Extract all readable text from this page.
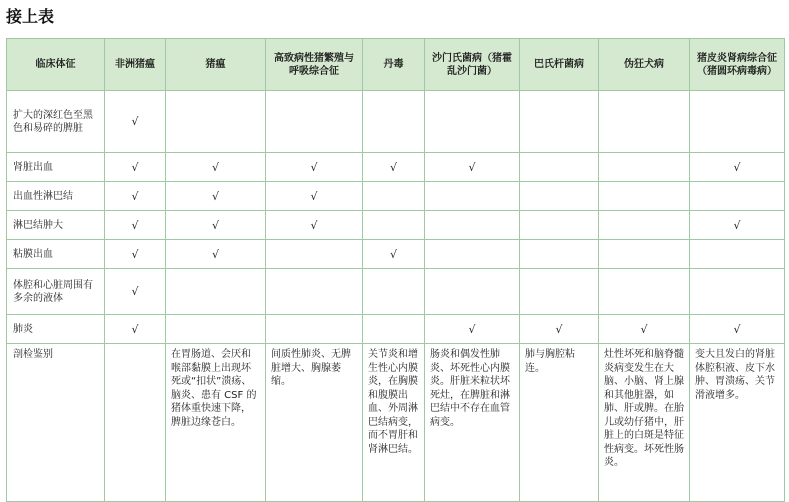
接上表
临床体征	非洲猪瘟	猪瘟	高致病性猪繁殖与呼吸综合征	丹毒	沙门氏菌病（猪霍乱沙门菌）	巴氏杆菌病	伪狂犬病	猪皮炎肾病综合征（猪圆环病毒病）
扩大的深红色至黑色和易碎的脾脏	√							
肾脏出血	√	√	√	√	√			√
出血性淋巴结	√	√	√					
淋巴结肿大	√	√	√					√
粘膜出血	√	√		√				
体腔和心脏周围有多余的液体	√							
肺炎	√				√	√	√	√
剖检鉴别		在胃肠道、会厌和喉部黏膜上出现坏死或“扣状”溃疡、脑炎、患有 CSF 的猪体重快速下降，脾脏边缘苍白。	间质性肺炎、无脾脏增大、胸腺萎缩。	关节炎和增生性心内膜炎，在胸膜和腹膜出血、外周淋巴结病变，而不胃肝和肾淋巴结。	肠炎和偶发性肺炎、坏死性心内膜炎。肝脏米粒状坏死灶，在脾脏和淋巴结中不存在血管病变。	肺与胸腔粘连。	灶性坏死和脑脊髓炎病变发生在大脑、小脑、肾上腺和其他脏器，如肺、肝或脾。在胎儿或幼仔猪中，肝脏上的白斑是特征性病变。坏死性肠炎。	变大且发白的肾脏体腔积液、皮下水肿、胃溃疡、关节滑液增多。
